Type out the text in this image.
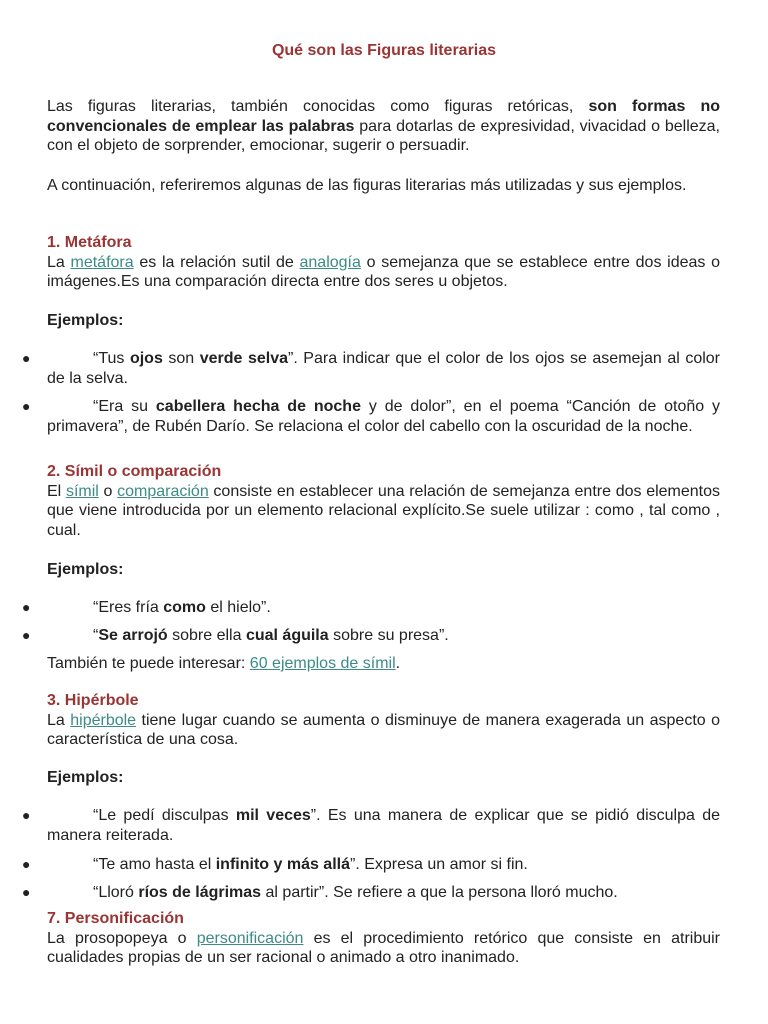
Qué son las Figuras literarias
Las figuras literarias, también conocidas como figuras retóricas, son formas no convencionales de emplear las palabras para dotarlas de expresividad, vivacidad o belleza, con el objeto de sorprender, emocionar, sugerir o persuadir.
A continuación, referiremos algunas de las figuras literarias más utilizadas y sus ejemplos.
1. Metáfora
La metáfora es la relación sutil de analogía o semejanza que se establece entre dos ideas o imágenes.Es una comparación directa entre dos seres u objetos.
Ejemplos:
●	“Tus ojos son verde selva”. Para indicar que el color de los ojos se asemejan al color de la selva.
●	“Era su cabellera hecha de noche y de dolor”, en el poema “Canción de otoño y primavera”, de Rubén Darío. Se relaciona el color del cabello con la oscuridad de la noche.
2. Símil o comparación
El símil o comparación consiste en establecer una relación de semejanza entre dos elementos que viene introducida por un elemento relacional explícito.Se suele utilizar : como , tal como , cual.
Ejemplos:
●	“Eres fría como el hielo”.
●	“Se arrojó sobre ella cual águila sobre su presa”.
También te puede interesar: 60 ejemplos de símil.
3. Hipérbole
La hipérbole tiene lugar cuando se aumenta o disminuye de manera exagerada un aspecto o característica de una cosa.
Ejemplos:
●	“Le pedí disculpas mil veces”. Es una manera de explicar que se pidió disculpa de manera reiterada.
●	“Te amo hasta el infinito y más allá”. Expresa un amor si fin.
●	“Lloró ríos de lágrimas al partir”. Se refiere a que la persona lloró mucho.
7. Personificación
La prosopopeya o personificación es el procedimiento retórico que consiste en atribuir cualidades propias de un ser racional o animado a otro inanimado.
